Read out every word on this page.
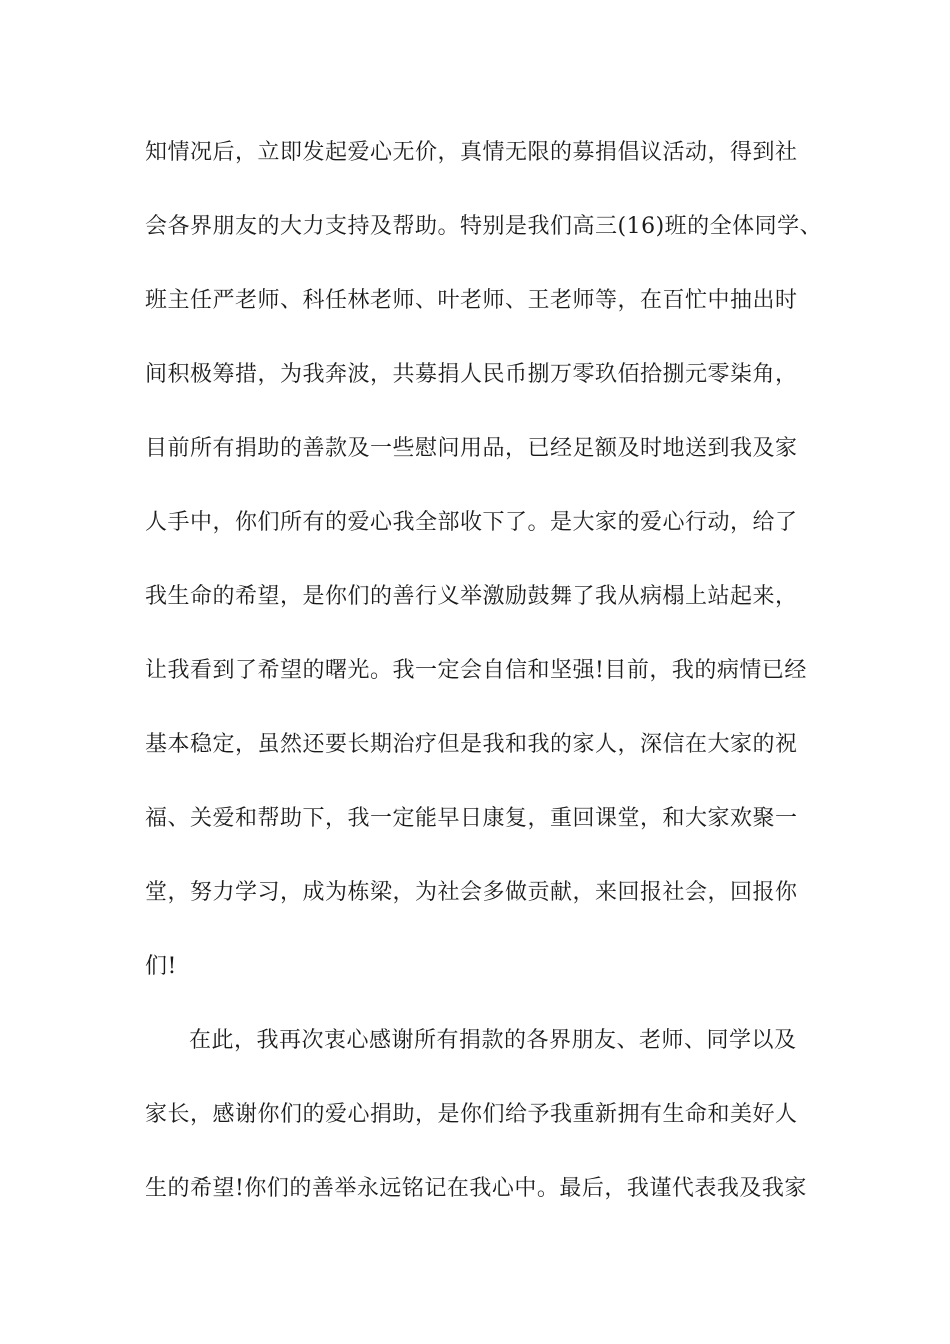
知情况后，立即发起爱心无价，真情无限的募捐倡议活动，得到社
会各界朋友的大力支持及帮助。特别是我们高三(16)班的全体同学、
班主任严老师、科任林老师、叶老师、王老师等，在百忙中抽出时
间积极筹措，为我奔波，共募捐人民币捌万零玖佰拾捌元零柒角，
目前所有捐助的善款及一些慰问用品，已经足额及时地送到我及家
人手中，你们所有的爱心我全部收下了。是大家的爱心行动，给了
我生命的希望，是你们的善行义举激励鼓舞了我从病榻上站起来，
让我看到了希望的曙光。我一定会自信和坚强!目前，我的病情已经
基本稳定，虽然还要长期治疗但是我和我的家人，深信在大家的祝
福、关爱和帮助下，我一定能早日康复，重回课堂，和大家欢聚一
堂，努力学习，成为栋梁，为社会多做贡献，来回报社会，回报你
们!
在此，我再次衷心感谢所有捐款的各界朋友、老师、同学以及
家长，感谢你们的爱心捐助，是你们给予我重新拥有生命和美好人
生的希望!你们的善举永远铭记在我心中。最后，我谨代表我及我家
